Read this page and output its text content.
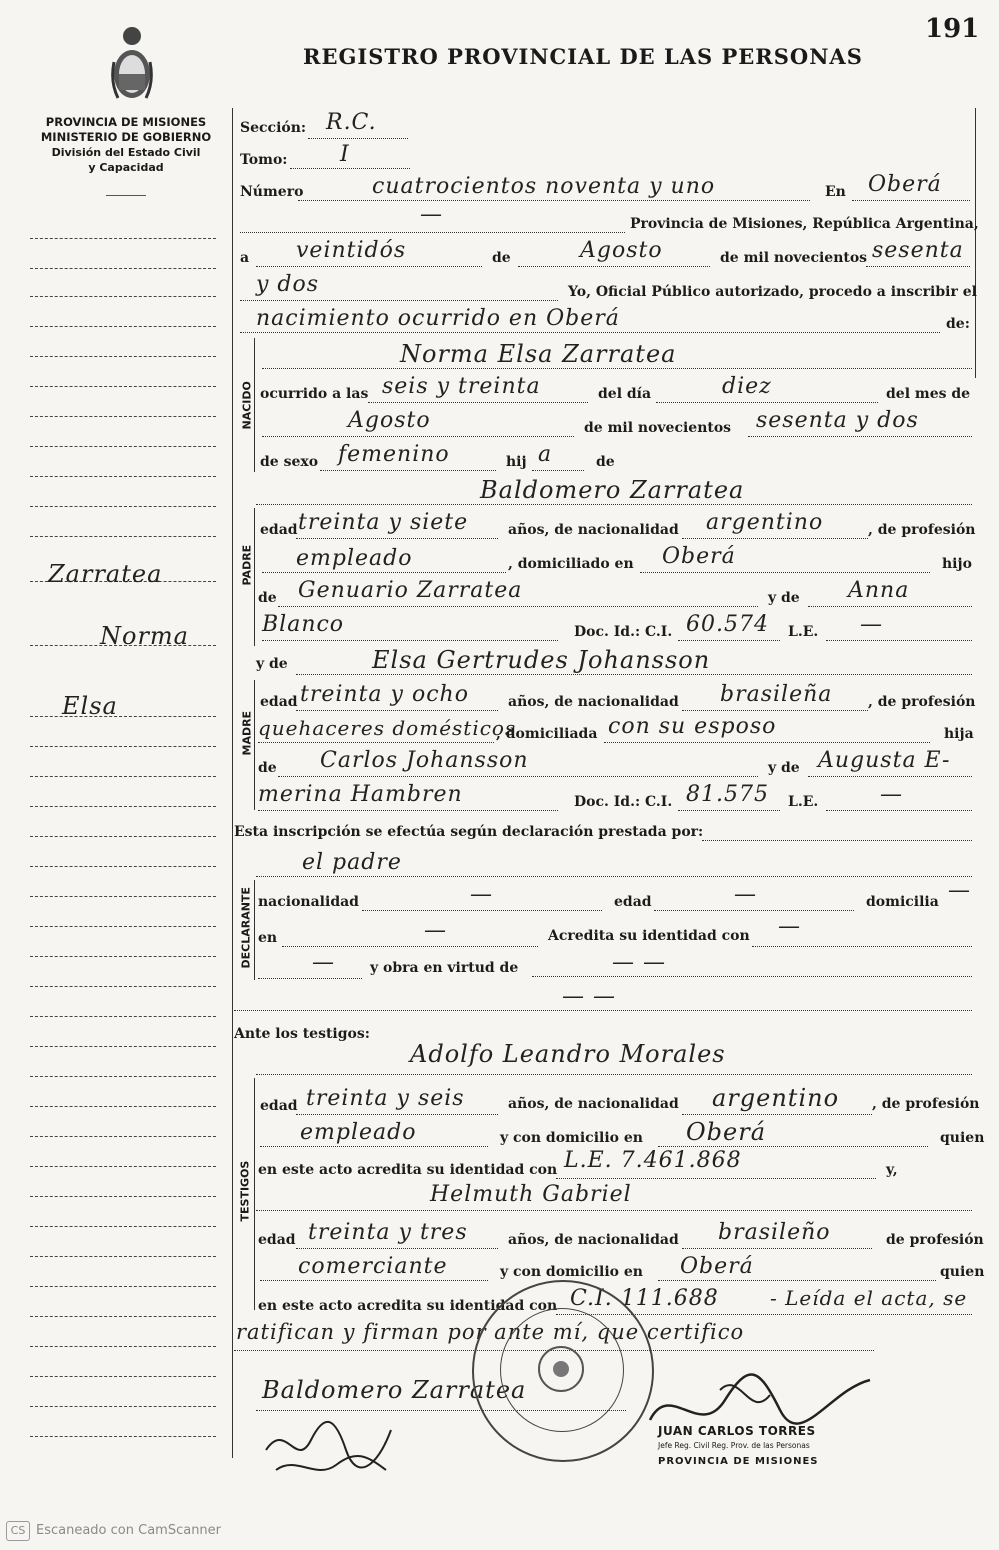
191
REGISTRO PROVINCIAL DE LAS PERSONAS
PROVINCIA DE MISIONES
MINISTERIO DE GOBIERNO
División del Estado Civil
y Capacidad
Zarratea
Norma
Elsa
Sección: R.C.
Tomo: I
Número	cuatrocientos noventa y uno	En Oberá
—	Provincia de Misiones, República Argentina,
a veintidós	de	Agosto	de mil novecientos sesenta
y dos	Yo, Oficial Público autorizado, procedo a inscribir el
nacimiento ocurrido en Oberá	de:
NACIDO
Norma Elsa Zarratea
ocurrido a las seis y treinta	del día	diez	del mes de
Agosto	de mil novecientos sesenta y dos
de sexo femenino	hij a	de
Baldomero Zarratea
PADRE
edad treinta y siete	años, de nacionalidad argentino	, de profesión
empleado	, domiciliado en Oberá	hijo
de Genuario Zarratea	y de Anna
Blanco	Doc. Id.: C.I. 60.574 L.E. —
y de	Elsa Gertrudes Johansson
MADRE
edad treinta y ocho	años, de nacionalidad brasileña	, de profesión
quehaceres domésticos
, domiciliada con su esposo	hija
de Carlos Johansson	y de Augusta E-
merina Hambren	Doc. Id.: C.I. 81.575 L.E.	—
Esta inscripción se efectúa según declaración prestada por:
el padre
DECLARANTE nacionalidad	—	edad	—	domicilia —
en	—	Acredita su identidad con —
—	y obra en virtud de	— —
— —
Ante los testigos:
Adolfo Leandro Morales
TESTIGOS
edad treinta y seis	años, de nacionalidad argentino , de profesión
empleado	y con domicilio en Oberá	quien
en este acto acredita su identidad con L.E. 7.461.868	y,
Helmuth Gabriel
edad treinta y tres	años, de nacionalidad brasileño	de profesión
comerciante	y con domicilio en Oberá	quien
en este acto acredita su identidad con C.I. 111.688	- Leída el acta, se
ratifican y firman por ante mí, que certifico
Baldomero Zarratea
JUAN CARLOS TORRES
Jefe Reg. Civil Reg. Prov. de las Personas
PROVINCIA DE MISIONES
CS Escaneado con CamScanner
